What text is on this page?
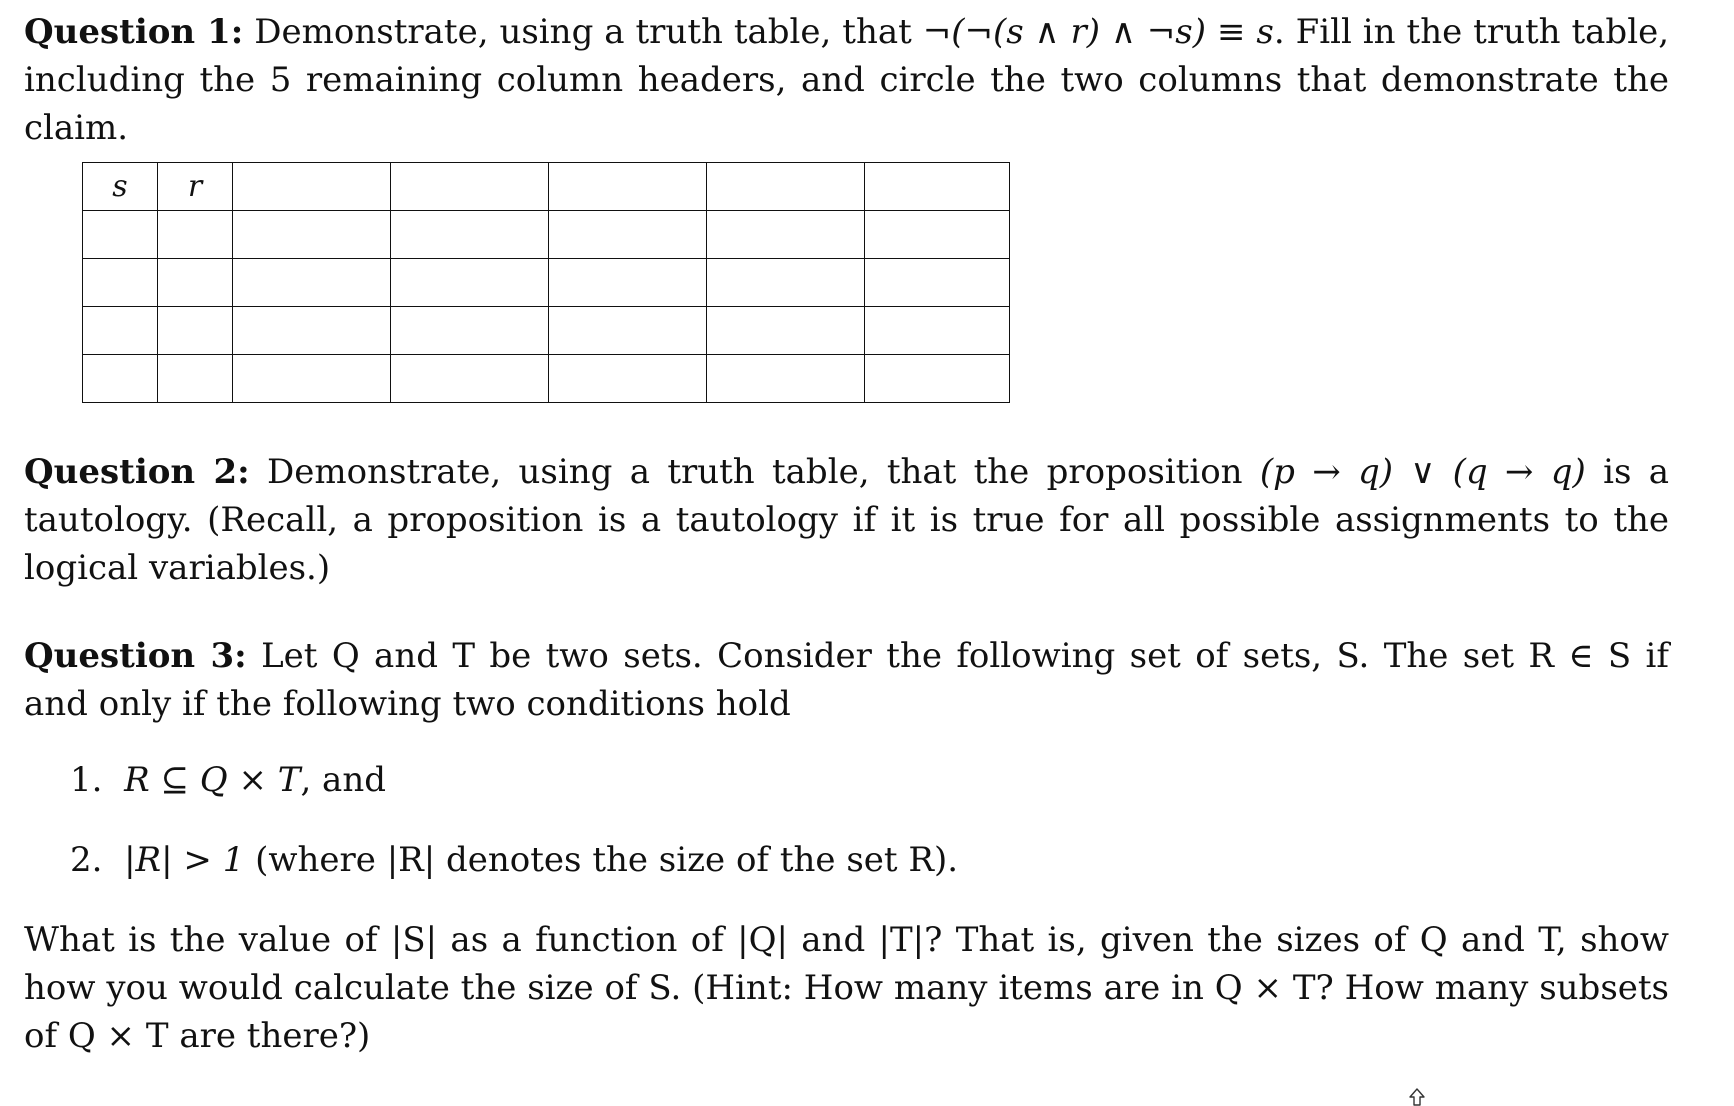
Question 1: Demonstrate, using a truth table, that ¬(¬(s ∧ r) ∧ ¬s) ≡ s. Fill in the truth table, including the 5 remaining column headers, and circle the two columns that demonstrate the claim.

s	r					

Question 2: Demonstrate, using a truth table, that the proposition (p → q) ∨ (q → q) is a tautology. (Recall, a proposition is a tautology if it is true for all possible assignments to the logical variables.)

Question 3: Let Q and T be two sets. Consider the following set of sets, S. The set R ∈ S if and only if the following two conditions hold

1. R ⊆ Q × T, and
2. |R| > 1 (where |R| denotes the size of the set R).

What is the value of |S| as a function of |Q| and |T|? That is, given the sizes of Q and T, show how you would calculate the size of S. (Hint: How many items are in Q × T? How many subsets of Q × T are there?)
